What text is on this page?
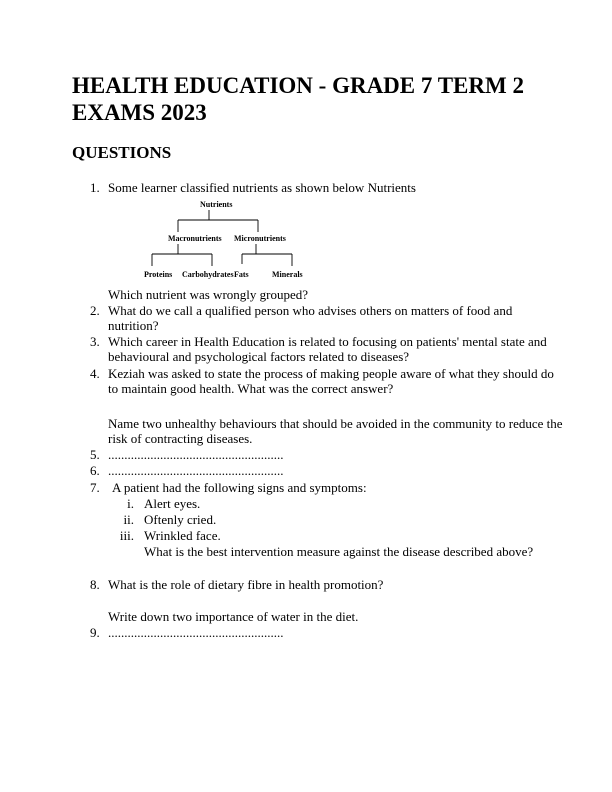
HEALTH EDUCATION - GRADE 7 TERM 2 EXAMS 2023
QUESTIONS
1. Some learner classified nutrients as shown below Nutrients
Nutrients
Macronutrients Micronutrients
Proteins Carbohydrates Fats	Minerals
Which nutrient was wrongly grouped?
2. What do we call a qualified person who advises others on matters of food and nutrition?
3. Which career in Health Education is related to focusing on patients' mental state and behavioural and psychological factors related to diseases?
4. Keziah was asked to state the process of making people aware of what they should do to maintain good health. What was the correct answer?
Name two unhealthy behaviours that should be avoided in the community to reduce the risk of contracting diseases.
5. ......................................................
6. ......................................................
7. A patient had the following signs and symptoms:
i. Alert eyes.
ii. Oftenly cried.
iii. Wrinkled face.
What is the best intervention measure against the disease described above?
8. What is the role of dietary fibre in health promotion?
Write down two importance of water in the diet.
9. ......................................................
